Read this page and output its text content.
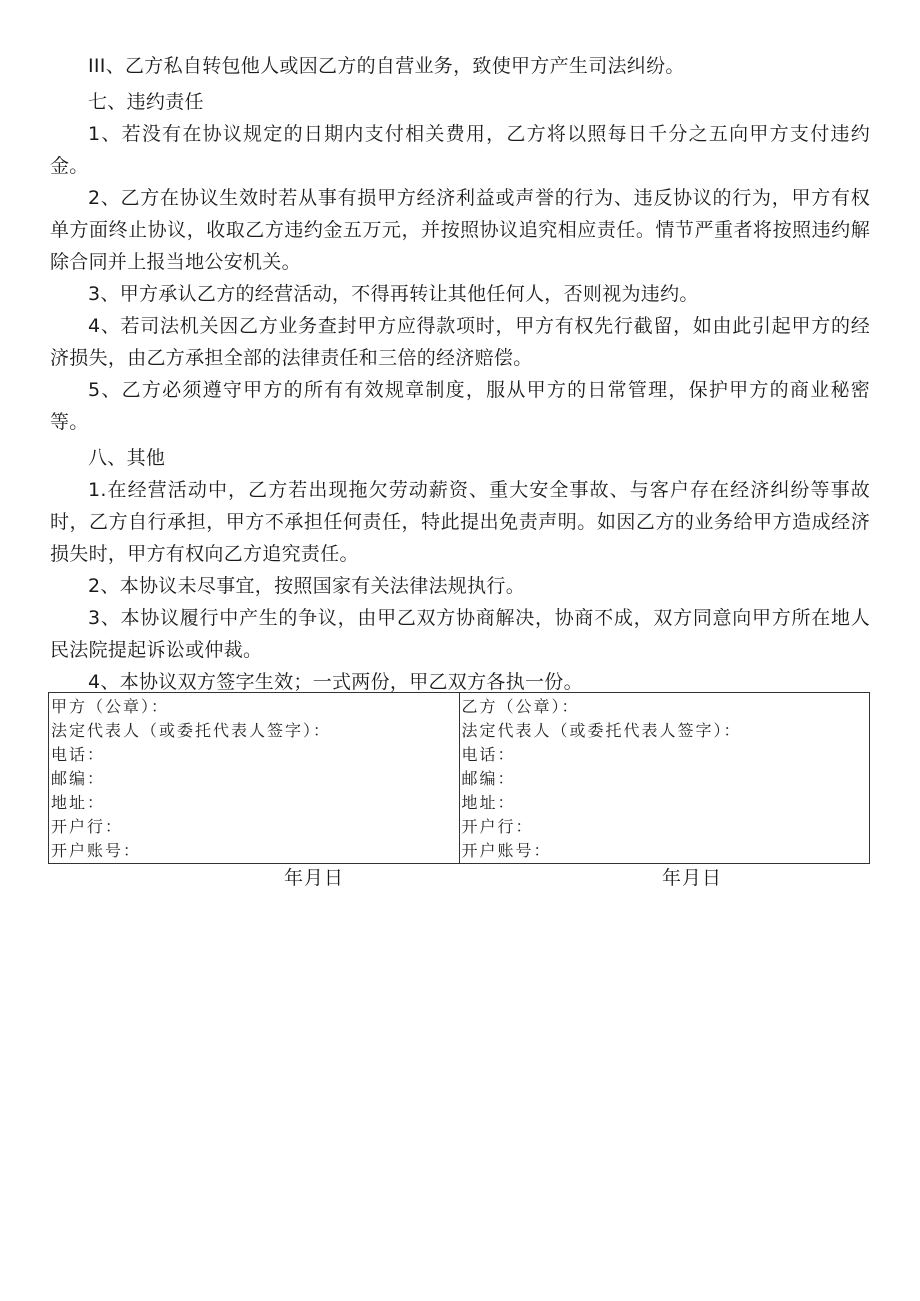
III、乙方私自转包他人或因乙方的自营业务，致使甲方产生司法纠纷。

七、违约责任

1、若没有在协议规定的日期内支付相关费用，乙方将以照每日千分之五向甲方支付违约金。

2、乙方在协议生效时若从事有损甲方经济利益或声誉的行为、违反协议的行为，甲方有权单方面终止协议，收取乙方违约金五万元，并按照协议追究相应责任。情节严重者将按照违约解除合同并上报当地公安机关。

3、甲方承认乙方的经营活动，不得再转让其他任何人，否则视为违约。

4、若司法机关因乙方业务查封甲方应得款项时，甲方有权先行截留，如由此引起甲方的经济损失，由乙方承担全部的法律责任和三倍的经济赔偿。

5、乙方必须遵守甲方的所有有效规章制度，服从甲方的日常管理，保护甲方的商业秘密等。

八、其他

1.在经营活动中，乙方若出现拖欠劳动薪资、重大安全事故、与客户存在经济纠纷等事故时，乙方自行承担，甲方不承担任何责任，特此提出免责声明。如因乙方的业务给甲方造成经济损失时，甲方有权向乙方追究责任。

2、本协议未尽事宜，按照国家有关法律法规执行。

3、本协议履行中产生的争议，由甲乙双方协商解决，协商不成，双方同意向甲方所在地人民法院提起诉讼或仲裁。

4、本协议双方签字生效；一式两份，甲乙双方各执一份。

甲方（公章）：
法定代表人（或委托代表人签字）：
电话：
邮编：
地址：
开户行：
开户账号：

乙方（公章）：
法定代表人（或委托代表人签字）：
电话：
邮编：
地址：
开户行：
开户账号：
年月日	年月日
